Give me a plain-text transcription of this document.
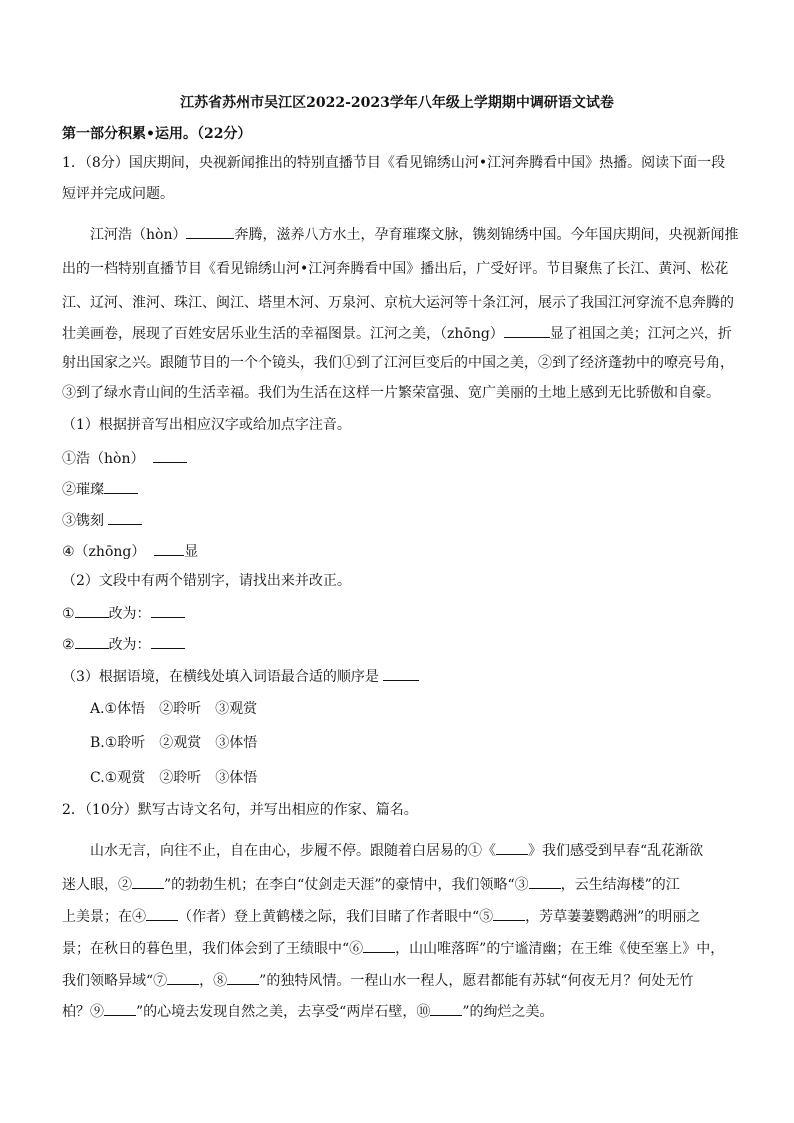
江苏省苏州市吴江区2022-2023学年八年级上学期期中调研语文试卷
第一部分积累•运用。（22分）
1．（8分）国庆期间，央视新闻推出的特别直播节目《看见锦绣山河•江河奔腾看中国》热播。阅读下面一段
短评并完成问题。
江河浩（hòn）	奔腾，滋养八方水土，孕育璀璨文脉，镌刻锦绣中国。今年国庆期间，央视新闻推
出的一档特别直播节目《看见锦绣山河•江河奔腾看中国》播出后，广受好评。节目聚焦了长江、黄河、松花
江、辽河、淮河、珠江、闽江、塔里木河、万泉河、京杭大运河等十条江河，展示了我国江河穿流不息奔腾的
壮美画卷，展现了百姓安居乐业生活的幸福图景。江河之美，（zhōng）	显了祖国之美；江河之兴，折
射出国家之兴。跟随节目的一个个镜头，我们①到了江河巨变后的中国之美，②到了经济蓬勃中的嘹亮号角，
③到了绿水青山间的生活幸福。我们为生活在这样一片繁荣富强、宽广美丽的土地上感到无比骄傲和自豪。
（1）根据拼音写出相应汉字或给加点字注音。
①浩（hòn）
②璀璨
③镌刻
④（zhōng）	显
（2）文段中有两个错别字，请找出来并改正。
① 改为：
② 改为：
（3）根据语境，在横线处填入词语最合适的顺序是
A.①体悟　②聆听　③观赏
B.①聆听　②观赏　③体悟
C.①观赏　②聆听　③体悟
2．（10分）默写古诗文名句，并写出相应的作家、篇名。
山水无言，向往不止，自在由心，步履不停。跟随着白居易的①《 》我们感受到早春“乱花渐欲
迷人眼，② ”的勃勃生机；在李白“仗剑走天涯”的豪情中，我们领略“③ ，云生结海楼”的江
上美景；在④ （作者）登上黄鹤楼之际，我们目睹了作者眼中“⑤ ，芳草萋萋鹦鹉洲”的明丽之
景；在秋日的暮色里，我们体会到了王绩眼中“⑥ ，山山唯落晖”的宁谧清幽；在王维《使至塞上》中，
我们领略异域“⑦ ，⑧ ”的独特风情。一程山水一程人，愿君都能有苏轼“何夜无月？何处无竹
柏？⑨ ”的心境去发现自然之美，去享受“两岸石壁，⑩ ”的绚烂之美。
